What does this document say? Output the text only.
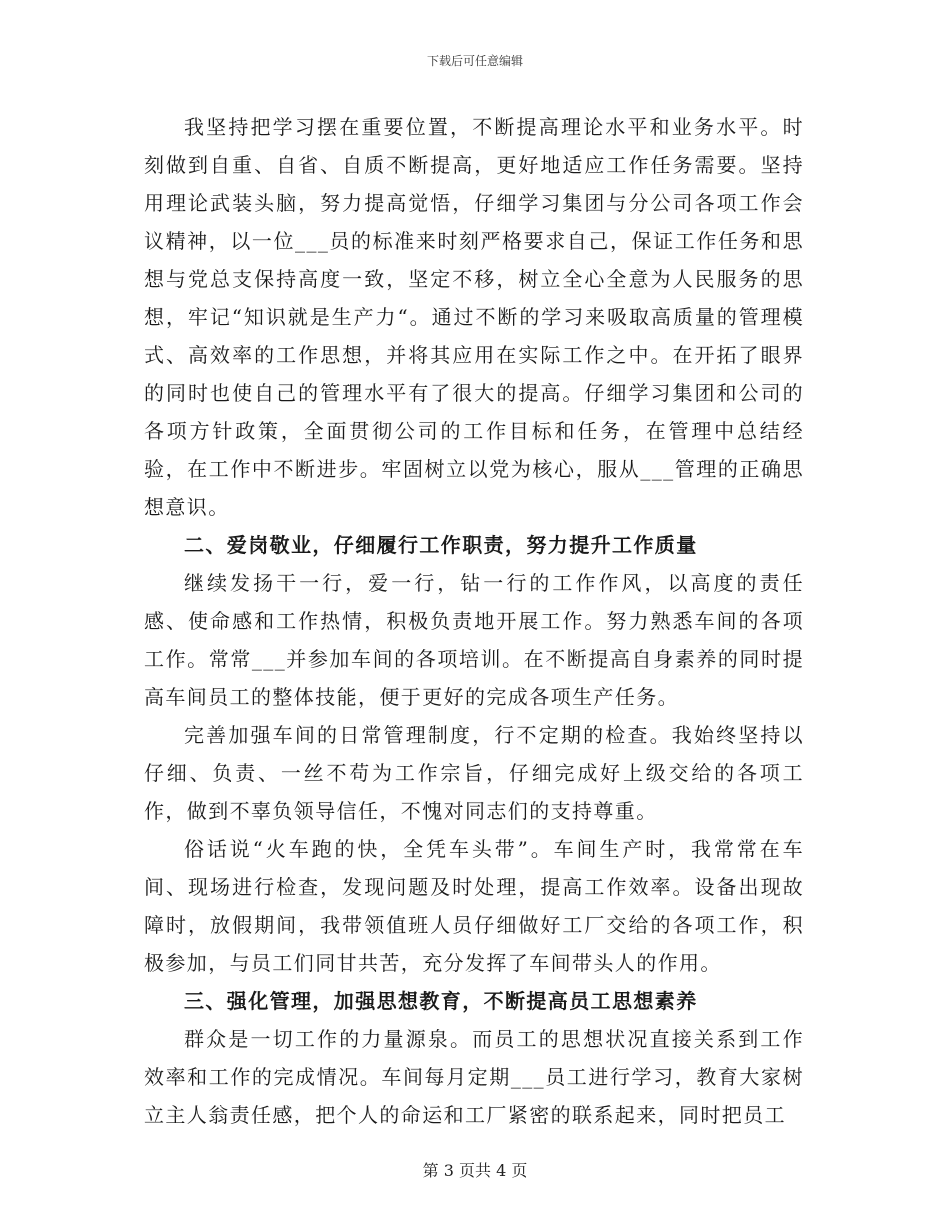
下载后可任意编辑

我坚持把学习摆在重要位置，不断提高理论水平和业务水平。时刻做到自重、自省、自质不断提高，更好地适应工作任务需要。坚持用理论武装头脑，努力提高觉悟，仔细学习集团与分公司各项工作会议精神，以一位___员的标准来时刻严格要求自己，保证工作任务和思想与党总支保持高度一致，坚定不移，树立全心全意为人民服务的思想，牢记“知识就是生产力“。通过不断的学习来吸取高质量的管理模式、高效率的工作思想，并将其应用在实际工作之中。在开拓了眼界的同时也使自己的管理水平有了很大的提高。仔细学习集团和公司的各项方针政策，全面贯彻公司的工作目标和任务，在管理中总结经验，在工作中不断进步。牢固树立以党为核心，服从___管理的正确思想意识。

二、爱岗敬业，仔细履行工作职责，努力提升工作质量

继续发扬干一行，爱一行，钻一行的工作作风，以高度的责任感、使命感和工作热情，积极负责地开展工作。努力熟悉车间的各项工作。常常___并参加车间的各项培训。在不断提高自身素养的同时提高车间员工的整体技能，便于更好的完成各项生产任务。

完善加强车间的日常管理制度，行不定期的检查。我始终坚持以仔细、负责、一丝不苟为工作宗旨，仔细完成好上级交给的各项工作，做到不辜负领导信任，不愧对同志们的支持尊重。

俗话说“火车跑的快，全凭车头带”。车间生产时，我常常在车间、现场进行检查，发现问题及时处理，提高工作效率。设备出现故障时，放假期间，我带领值班人员仔细做好工厂交给的各项工作，积极参加，与员工们同甘共苦，充分发挥了车间带头人的作用。

三、强化管理，加强思想教育，不断提高员工思想素养

群众是一切工作的力量源泉。而员工的思想状况直接关系到工作效率和工作的完成情况。车间每月定期___员工进行学习，教育大家树立主人翁责任感，把个人的命运和工厂紧密的联系起来，同时把员工

第 3 页共 4 页
